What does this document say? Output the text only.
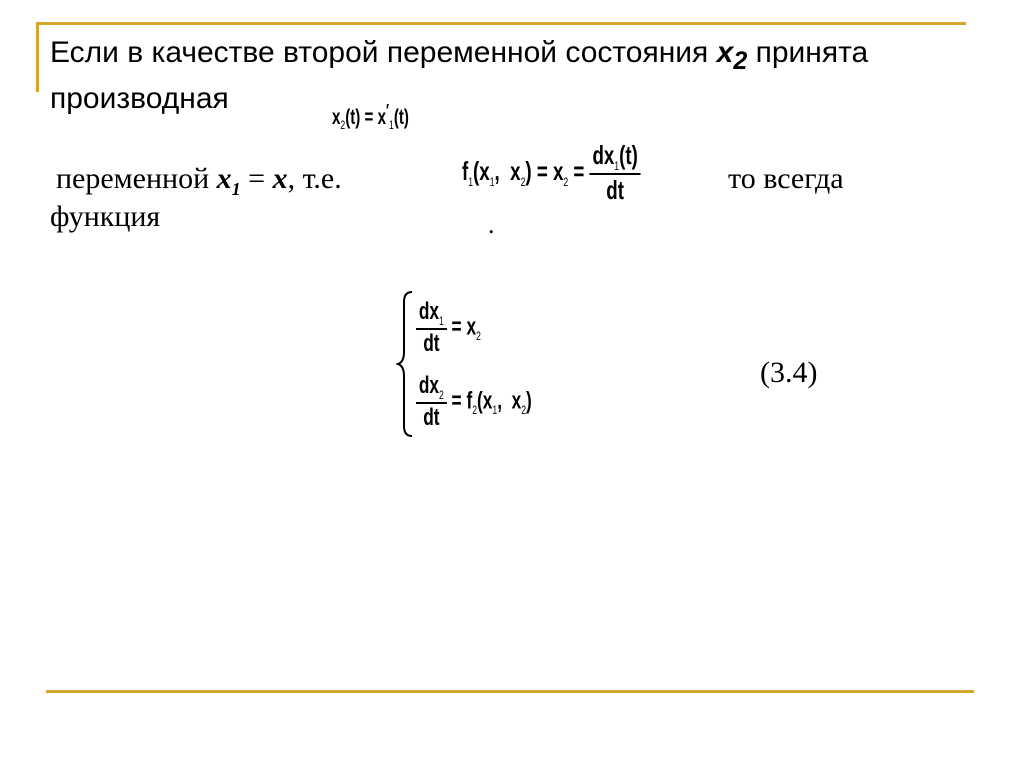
Если в качестве второй переменной состояния $x_2$ принята
производная
$x_2(t) = x'_1(t)$
переменной $x_1 = x$, т.е.	$f_1(x_1$, $x_2) = x_2 = \frac{dx_1(t)}{dt}$	то всегда
функция	.
$\frac{dx_1}{dt} = x_2$
$\frac{dx_2}{dt} = f_2(x_1$, $x_2$)
(3.4)
